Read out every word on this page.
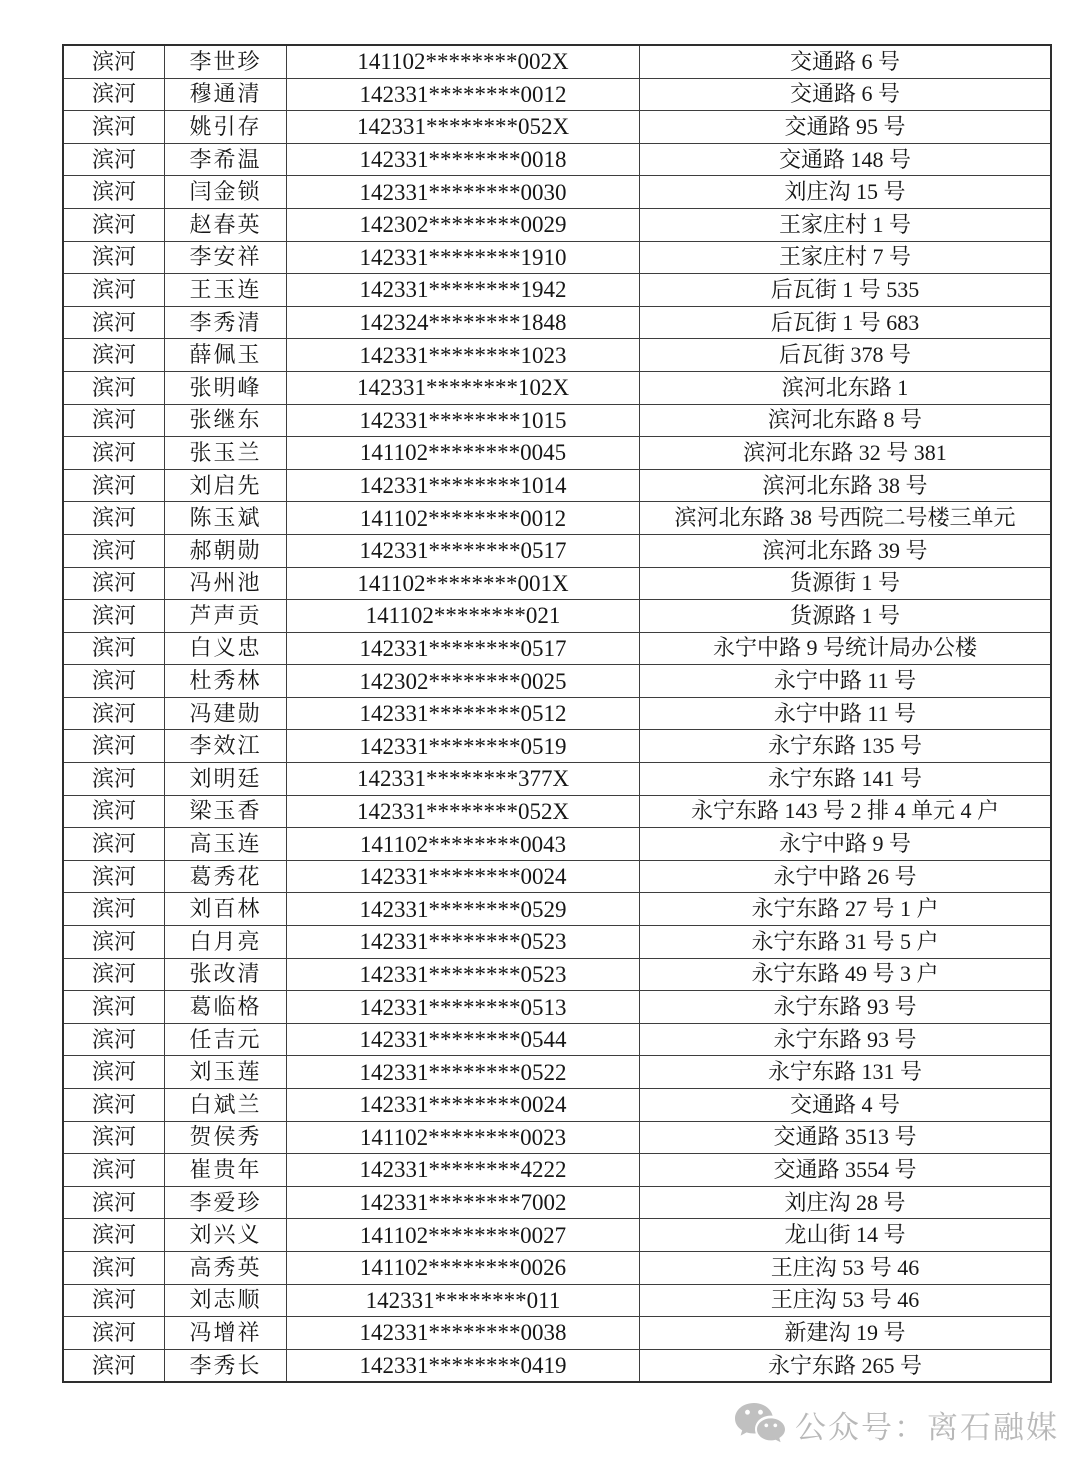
滨河	李世珍	141102********002X	交通路 6 号
滨河	穆通清	142331********0012	交通路 6 号
滨河	姚引存	142331********052X	交通路 95 号
滨河	李希温	142331********0018	交通路 148 号
滨河	闫金锁	142331********0030	刘庄沟 15 号
滨河	赵春英	142302********0029	王家庄村 1 号
滨河	李安祥	142331********1910	王家庄村 7 号
滨河	王玉连	142331********1942	后瓦街 1 号 535
滨河	李秀清	142324********1848	后瓦街 1 号 683
滨河	薛佩玉	142331********1023	后瓦街 378 号
滨河	张明峰	142331********102X	滨河北东路 1
滨河	张继东	142331********1015	滨河北东路 8 号
滨河	张玉兰	141102********0045	滨河北东路 32 号 381
滨河	刘启先	142331********1014	滨河北东路 38 号
滨河	陈玉斌	141102********0012	滨河北东路 38 号西院二号楼三单元
滨河	郝朝勋	142331********0517	滨河北东路 39 号
滨河	冯州池	141102********001X	货源街 1 号
滨河	芦声贡	141102********021	货源路 1 号
滨河	白义忠	142331********0517	永宁中路 9 号统计局办公楼
滨河	杜秀林	142302********0025	永宁中路 11 号
滨河	冯建勋	142331********0512	永宁中路 11 号
滨河	李效江	142331********0519	永宁东路 135 号
滨河	刘明廷	142331********377X	永宁东路 141 号
滨河	梁玉香	142331********052X	永宁东路 143 号 2 排 4 单元 4 户
滨河	高玉连	141102********0043	永宁中路 9 号
滨河	葛秀花	142331********0024	永宁中路 26 号
滨河	刘百林	142331********0529	永宁东路 27 号 1 户
滨河	白月亮	142331********0523	永宁东路 31 号 5 户
滨河	张改清	142331********0523	永宁东路 49 号 3 户
滨河	葛临格	142331********0513	永宁东路 93 号
滨河	任吉元	142331********0544	永宁东路 93 号
滨河	刘玉莲	142331********0522	永宁东路 131 号
滨河	白斌兰	142331********0024	交通路 4 号
滨河	贺侯秀	141102********0023	交通路 3513 号
滨河	崔贵年	142331********4222	交通路 3554 号
滨河	李爱珍	142331********7002	刘庄沟 28 号
滨河	刘兴义	141102********0027	龙山街 14 号
滨河	高秀英	141102********0026	王庄沟 53 号 46
滨河	刘志顺	142331********011	王庄沟 53 号 46
滨河	冯增祥	142331********0038	新建沟 19 号
滨河	李秀长	142331********0419	永宁东路 265 号
公众号：离石融媒
